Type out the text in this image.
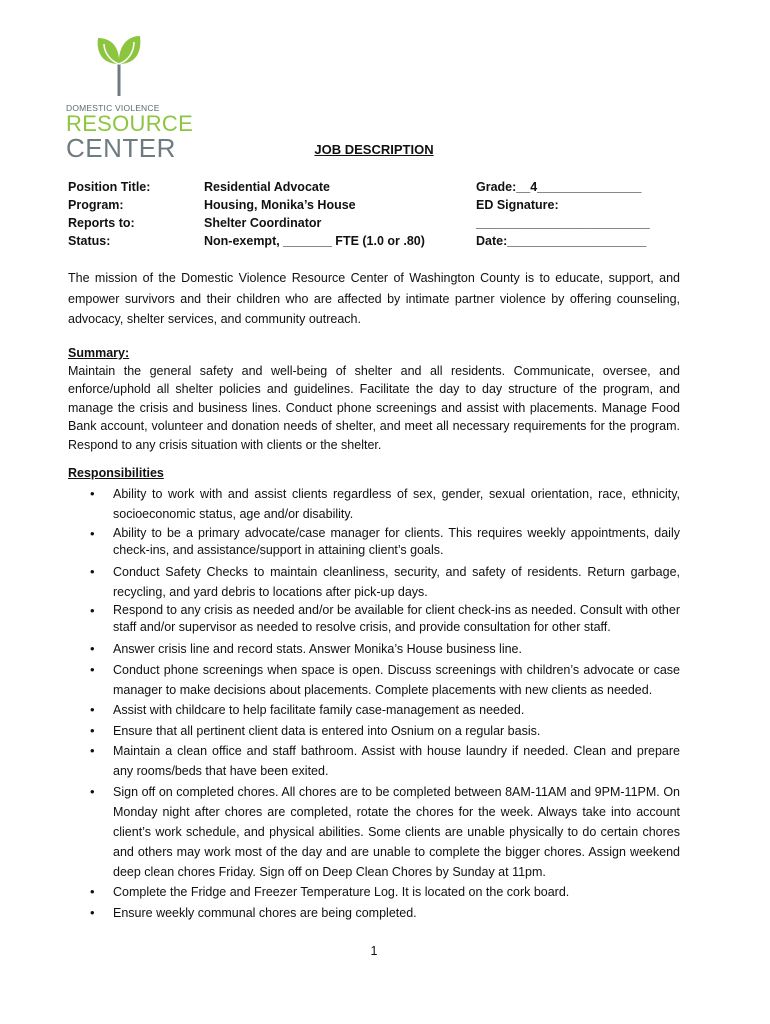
DOMESTIC VIOLENCE
RESOURCE
CENTER	JOB DESCRIPTION
Position Title:
Program:
Reports to:
Status:
Residential Advocate
Housing, Monika’s House
Shelter Coordinator
Non-exempt, _______ FTE (1.0 or .80)
Grade:__4_______________
ED Signature:
_________________________
Date:____________________
The mission of the Domestic Violence Resource Center of Washington County is to educate, support, and empower survivors and their children who are affected by intimate partner violence by offering counseling, advocacy, shelter services, and community outreach.
Summary:
Maintain the general safety and well-being of shelter and all residents. Communicate, oversee, and enforce/uphold all shelter policies and guidelines. Facilitate the day to day structure of the program, and manage the crisis and business lines. Conduct phone screenings and assist with placements. Manage Food Bank account, volunteer and donation needs of shelter, and meet all necessary requirements for the program. Respond to any crisis situation with clients or the shelter.
Responsibilities
• Ability to work with and assist clients regardless of sex, gender, sexual orientation, race, ethnicity, socioeconomic status, age and/or disability.
• Ability to be a primary advocate/case manager for clients. This requires weekly appointments, daily check-ins, and assistance/support in attaining client’s goals.
• Conduct Safety Checks to maintain cleanliness, security, and safety of residents. Return garbage, recycling, and yard debris to locations after pick-up days.
• Respond to any crisis as needed and/or be available for client check-ins as needed. Consult with other staff and/or supervisor as needed to resolve crisis, and provide consultation for other staff.
• Answer crisis line and record stats. Answer Monika’s House business line.
• Conduct phone screenings when space is open. Discuss screenings with children’s advocate or case manager to make decisions about placements. Complete placements with new clients as needed.
• Assist with childcare to help facilitate family case-management as needed.
• Ensure that all pertinent client data is entered into Osnium on a regular basis.
• Maintain a clean office and staff bathroom. Assist with house laundry if needed. Clean and prepare any rooms/beds that have been exited.
• Sign off on completed chores. All chores are to be completed between 8AM-11AM and 9PM-11PM. On Monday night after chores are completed, rotate the chores for the week. Always take into account client’s work schedule, and physical abilities. Some clients are unable physically to do certain chores and others may work most of the day and are unable to complete the bigger chores. Assign weekend deep clean chores Friday. Sign off on Deep Clean Chores by Sunday at 11pm.
• Complete the Fridge and Freezer Temperature Log. It is located on the cork board.
• Ensure weekly communal chores are being completed.
1
